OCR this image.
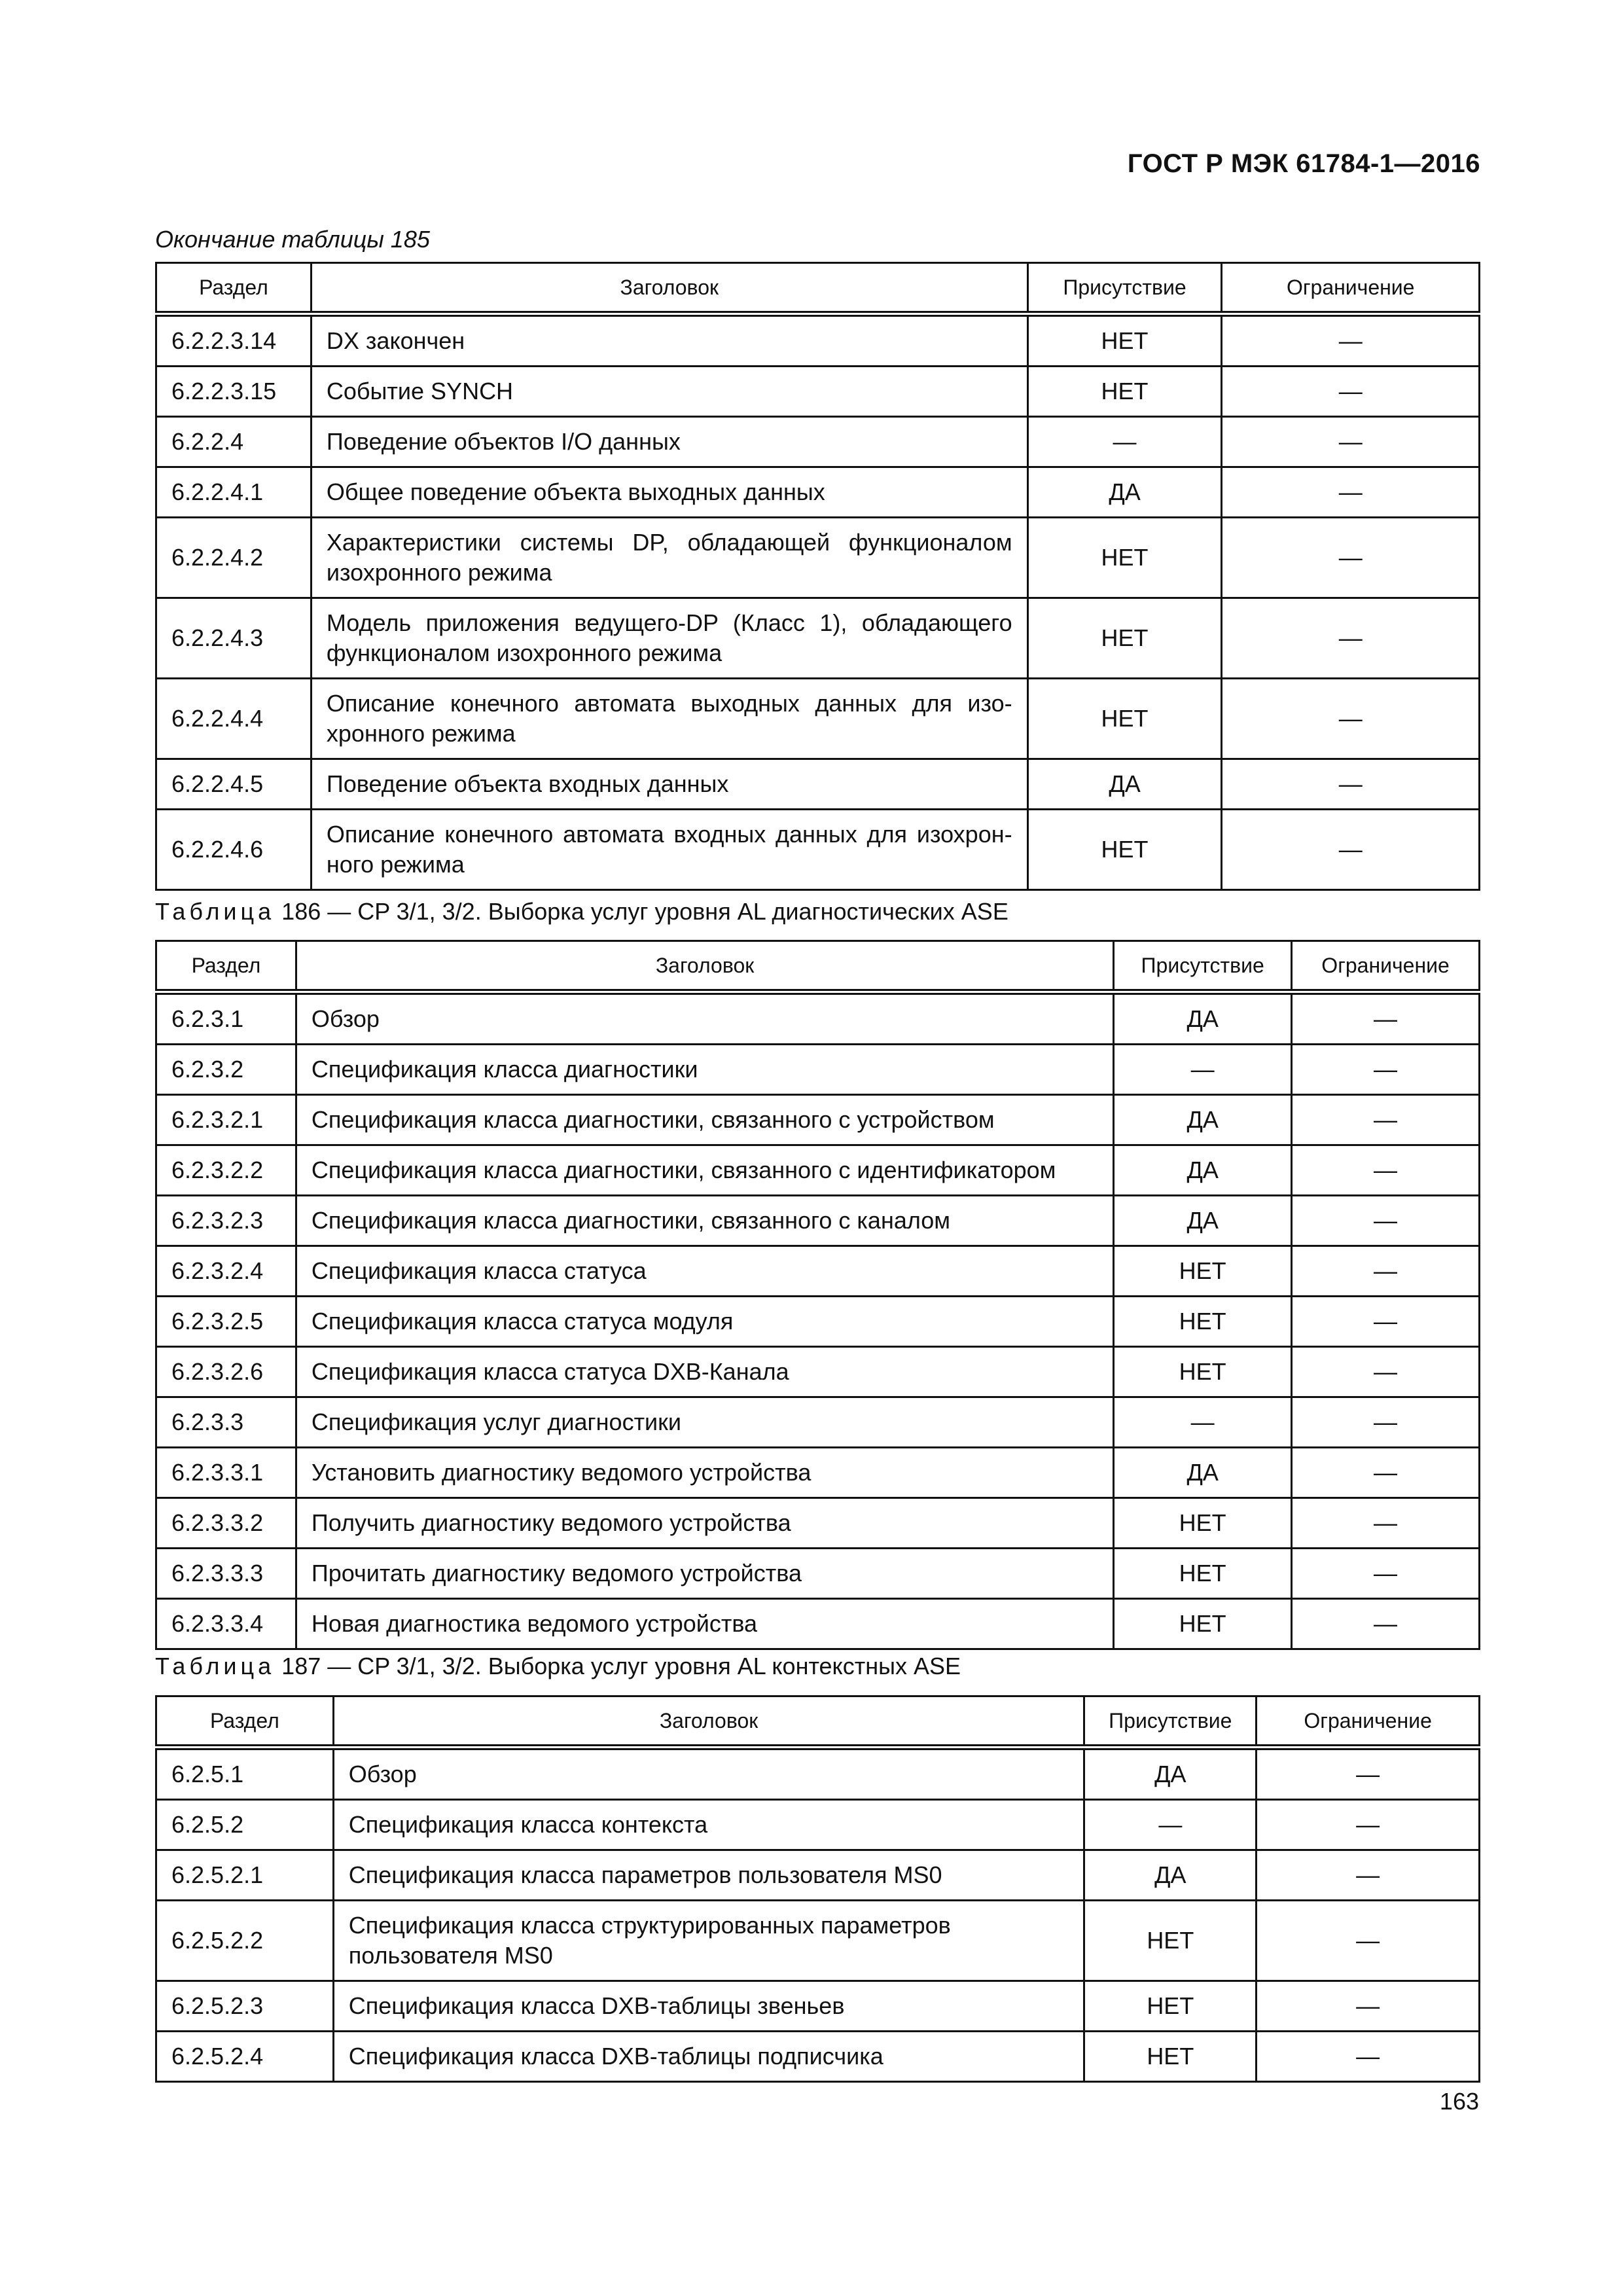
ГОСТ Р МЭК 61784-1—2016
Окончание таблицы 185
Раздел	Заголовок	Присутствие	Ограничение
6.2.2.3.14	DX закончен	НЕТ	—
6.2.2.3.15	Событие SYNCH	НЕТ	—
6.2.2.4	Поведение объектов I/O данных	—	—
6.2.2.4.1	Общее поведение объекта выходных данных	ДА	—
6.2.2.4.2	Характеристики системы DP, обладающей функционалом изохронного режима	НЕТ	—
6.2.2.4.3	Модель приложения ведущего-DP (Класс 1), обладающего функционалом изохронного режима	НЕТ	—
6.2.2.4.4	Описание конечного автомата выходных данных для изо-хронного режима	НЕТ	—
6.2.2.4.5	Поведение объекта входных данных	ДА	—
6.2.2.4.6	Описание конечного автомата входных данных для изохрон-ного режима	НЕТ	—
Таблица 186 — CP 3/1, 3/2. Выборка услуг уровня AL диагностических ASE
Раздел	Заголовок	Присутствие	Ограничение
6.2.3.1	Обзор	ДА	—
6.2.3.2	Спецификация класса диагностики	—	—
6.2.3.2.1	Спецификация класса диагностики, связанного с устройством	ДА	—
6.2.3.2.2	Спецификация класса диагностики, связанного с идентификатором	ДА	—
6.2.3.2.3	Спецификация класса диагностики, связанного с каналом	ДА	—
6.2.3.2.4	Спецификация класса статуса	НЕТ	—
6.2.3.2.5	Спецификация класса статуса модуля	НЕТ	—
6.2.3.2.6	Спецификация класса статуса DXB-Канала	НЕТ	—
6.2.3.3	Спецификация услуг диагностики	—	—
6.2.3.3.1	Установить диагностику ведомого устройства	ДА	—
6.2.3.3.2	Получить диагностику ведомого устройства	НЕТ	—
6.2.3.3.3	Прочитать диагностику ведомого устройства	НЕТ	—
6.2.3.3.4	Новая диагностика ведомого устройства	НЕТ	—
Таблица 187 — CP 3/1, 3/2. Выборка услуг уровня AL контекстных ASE
Раздел	Заголовок	Присутствие	Ограничение
6.2.5.1	Обзор	ДА	—
6.2.5.2	Спецификация класса контекста	—	—
6.2.5.2.1	Спецификация класса параметров пользователя MS0	ДА	—
6.2.5.2.2	Спецификация класса структурированных параметров пользователя MS0	НЕТ	—
6.2.5.2.3	Спецификация класса DXB-таблицы звеньев	НЕТ	—
6.2.5.2.4	Спецификация класса DXB-таблицы подписчика	НЕТ	—
163
